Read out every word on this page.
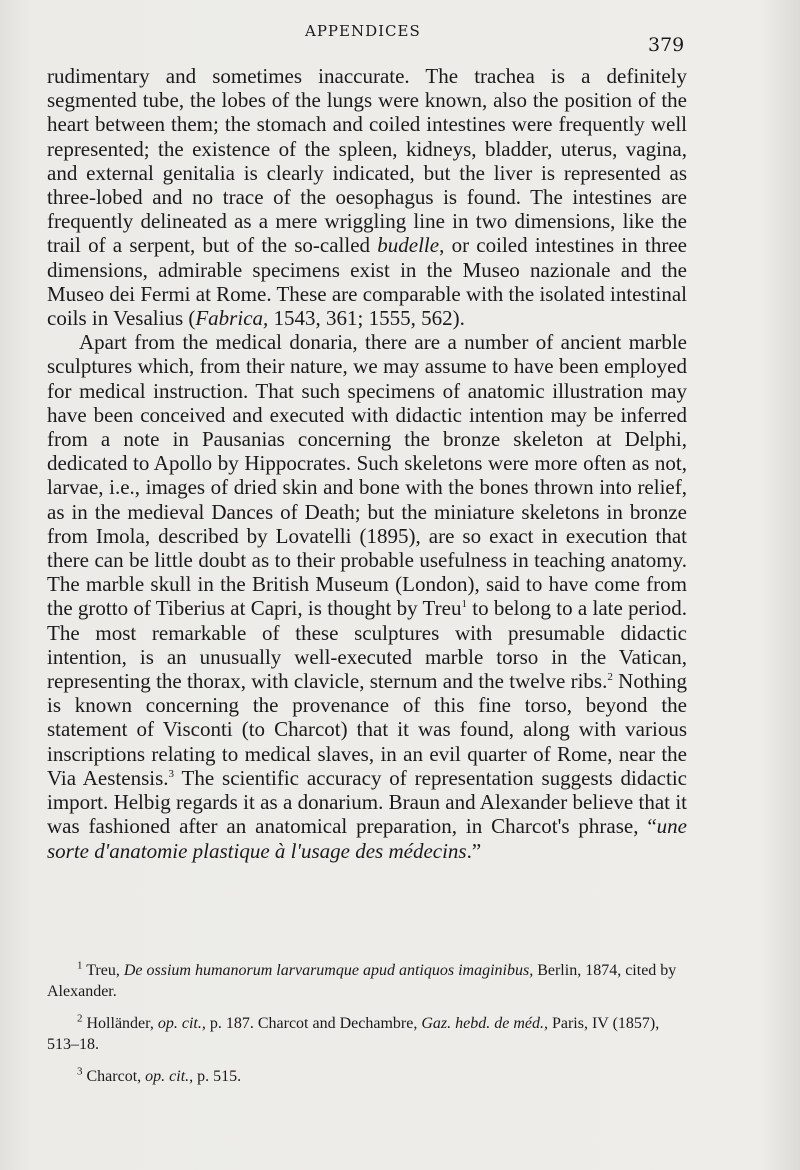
APPENDICES
379

rudimentary and sometimes inaccurate. The trachea is a definitely segmented tube, the lobes of the lungs were known, also the position of the heart between them; the stomach and coiled intestines were frequently well represented; the existence of the spleen, kidneys, bladder, uterus, vagina, and external genitalia is clearly indicated, but the liver is represented as three-lobed and no trace of the oesophagus is found. The intestines are frequently delineated as a mere wriggling line in two dimensions, like the trail of a serpent, but of the so-called budelle, or coiled intestines in three dimensions, admirable specimens exist in the Museo nazionale and the Museo dei Fermi at Rome. These are comparable with the isolated intestinal coils in Vesalius (Fabrica, 1543, 361; 1555, 562).

Apart from the medical donaria, there are a number of ancient marble sculptures which, from their nature, we may assume to have been employed for medical instruction. That such specimens of anatomic illustration may have been conceived and executed with didactic intention may be inferred from a note in Pausanias concerning the bronze skeleton at Delphi, dedicated to Apollo by Hippocrates. Such skeletons were more often as not, larvae, i.e., images of dried skin and bone with the bones thrown into relief, as in the medieval Dances of Death; but the miniature skeletons in bronze from Imola, described by Lovatelli (1895), are so exact in execution that there can be little doubt as to their probable usefulness in teaching anatomy. The marble skull in the British Museum (London), said to have come from the grotto of Tiberius at Capri, is thought by Treu$^1$ to belong to a late period. The most remarkable of these sculptures with presumable didactic intention, is an unusually well-executed marble torso in the Vatican, representing the thorax, with clavicle, sternum and the twelve ribs.$^2$ Nothing is known concerning the provenance of this fine torso, beyond the statement of Visconti (to Charcot) that it was found, along with various inscriptions relating to medical slaves, in an evil quarter of Rome, near the Via Aestensis.$^3$ The scientific accuracy of representation suggests didactic import. Helbig regards it as a donarium. Braun and Alexander believe that it was fashioned after an anatomical preparation, in Charcot's phrase, “une sorte d'anatomie plastique à l'usage des médecins.”

$^1$ Treu, De ossium humanorum larvarumque apud antiquos imaginibus, Berlin, 1874, cited by Alexander.

$^2$ Holländer, op. cit., p. 187. Charcot and Dechambre, Gaz. hebd. de méd., Paris, IV (1857), 513–18.

$^3$ Charcot, op. cit., p. 515.
